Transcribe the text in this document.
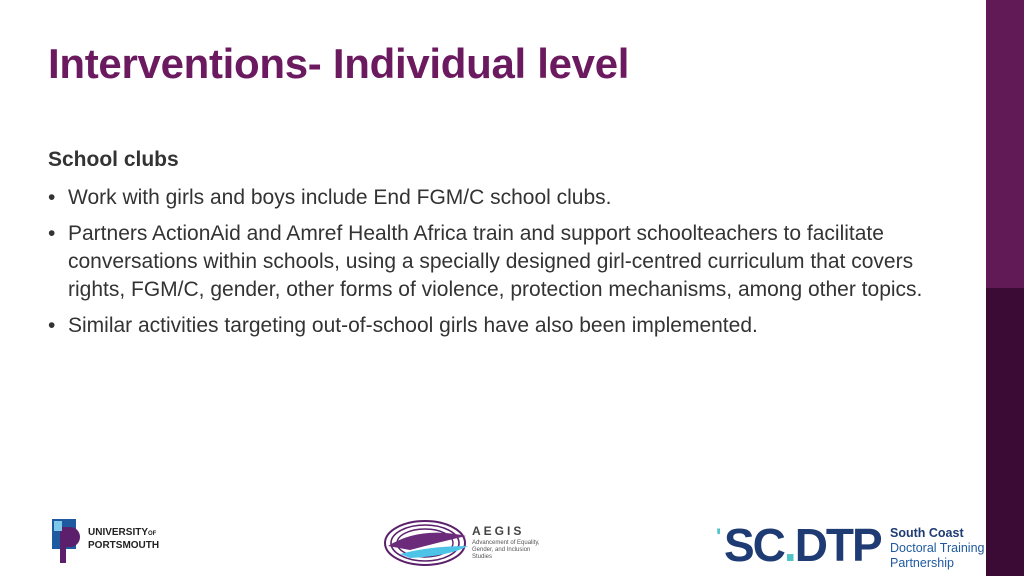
Interventions- Individual level
School clubs
• Work with girls and boys include End FGM/C school clubs.
• Partners ActionAid and Amref Health Africa train and support schoolteachers to facilitate conversations within schools, using a specially designed girl-centred curriculum that covers rights, FGM/C, gender, other forms of violence, protection mechanisms, among other topics.
• Similar activities targeting out-of-school girls have also been implemented.
UNIVERSITYOF
PORTSMOUTH
AEGIS
Advancement of Equality, Gender, and Inclusion Studies
' SC.DTP South Coast
Doctoral Training
Partnership
